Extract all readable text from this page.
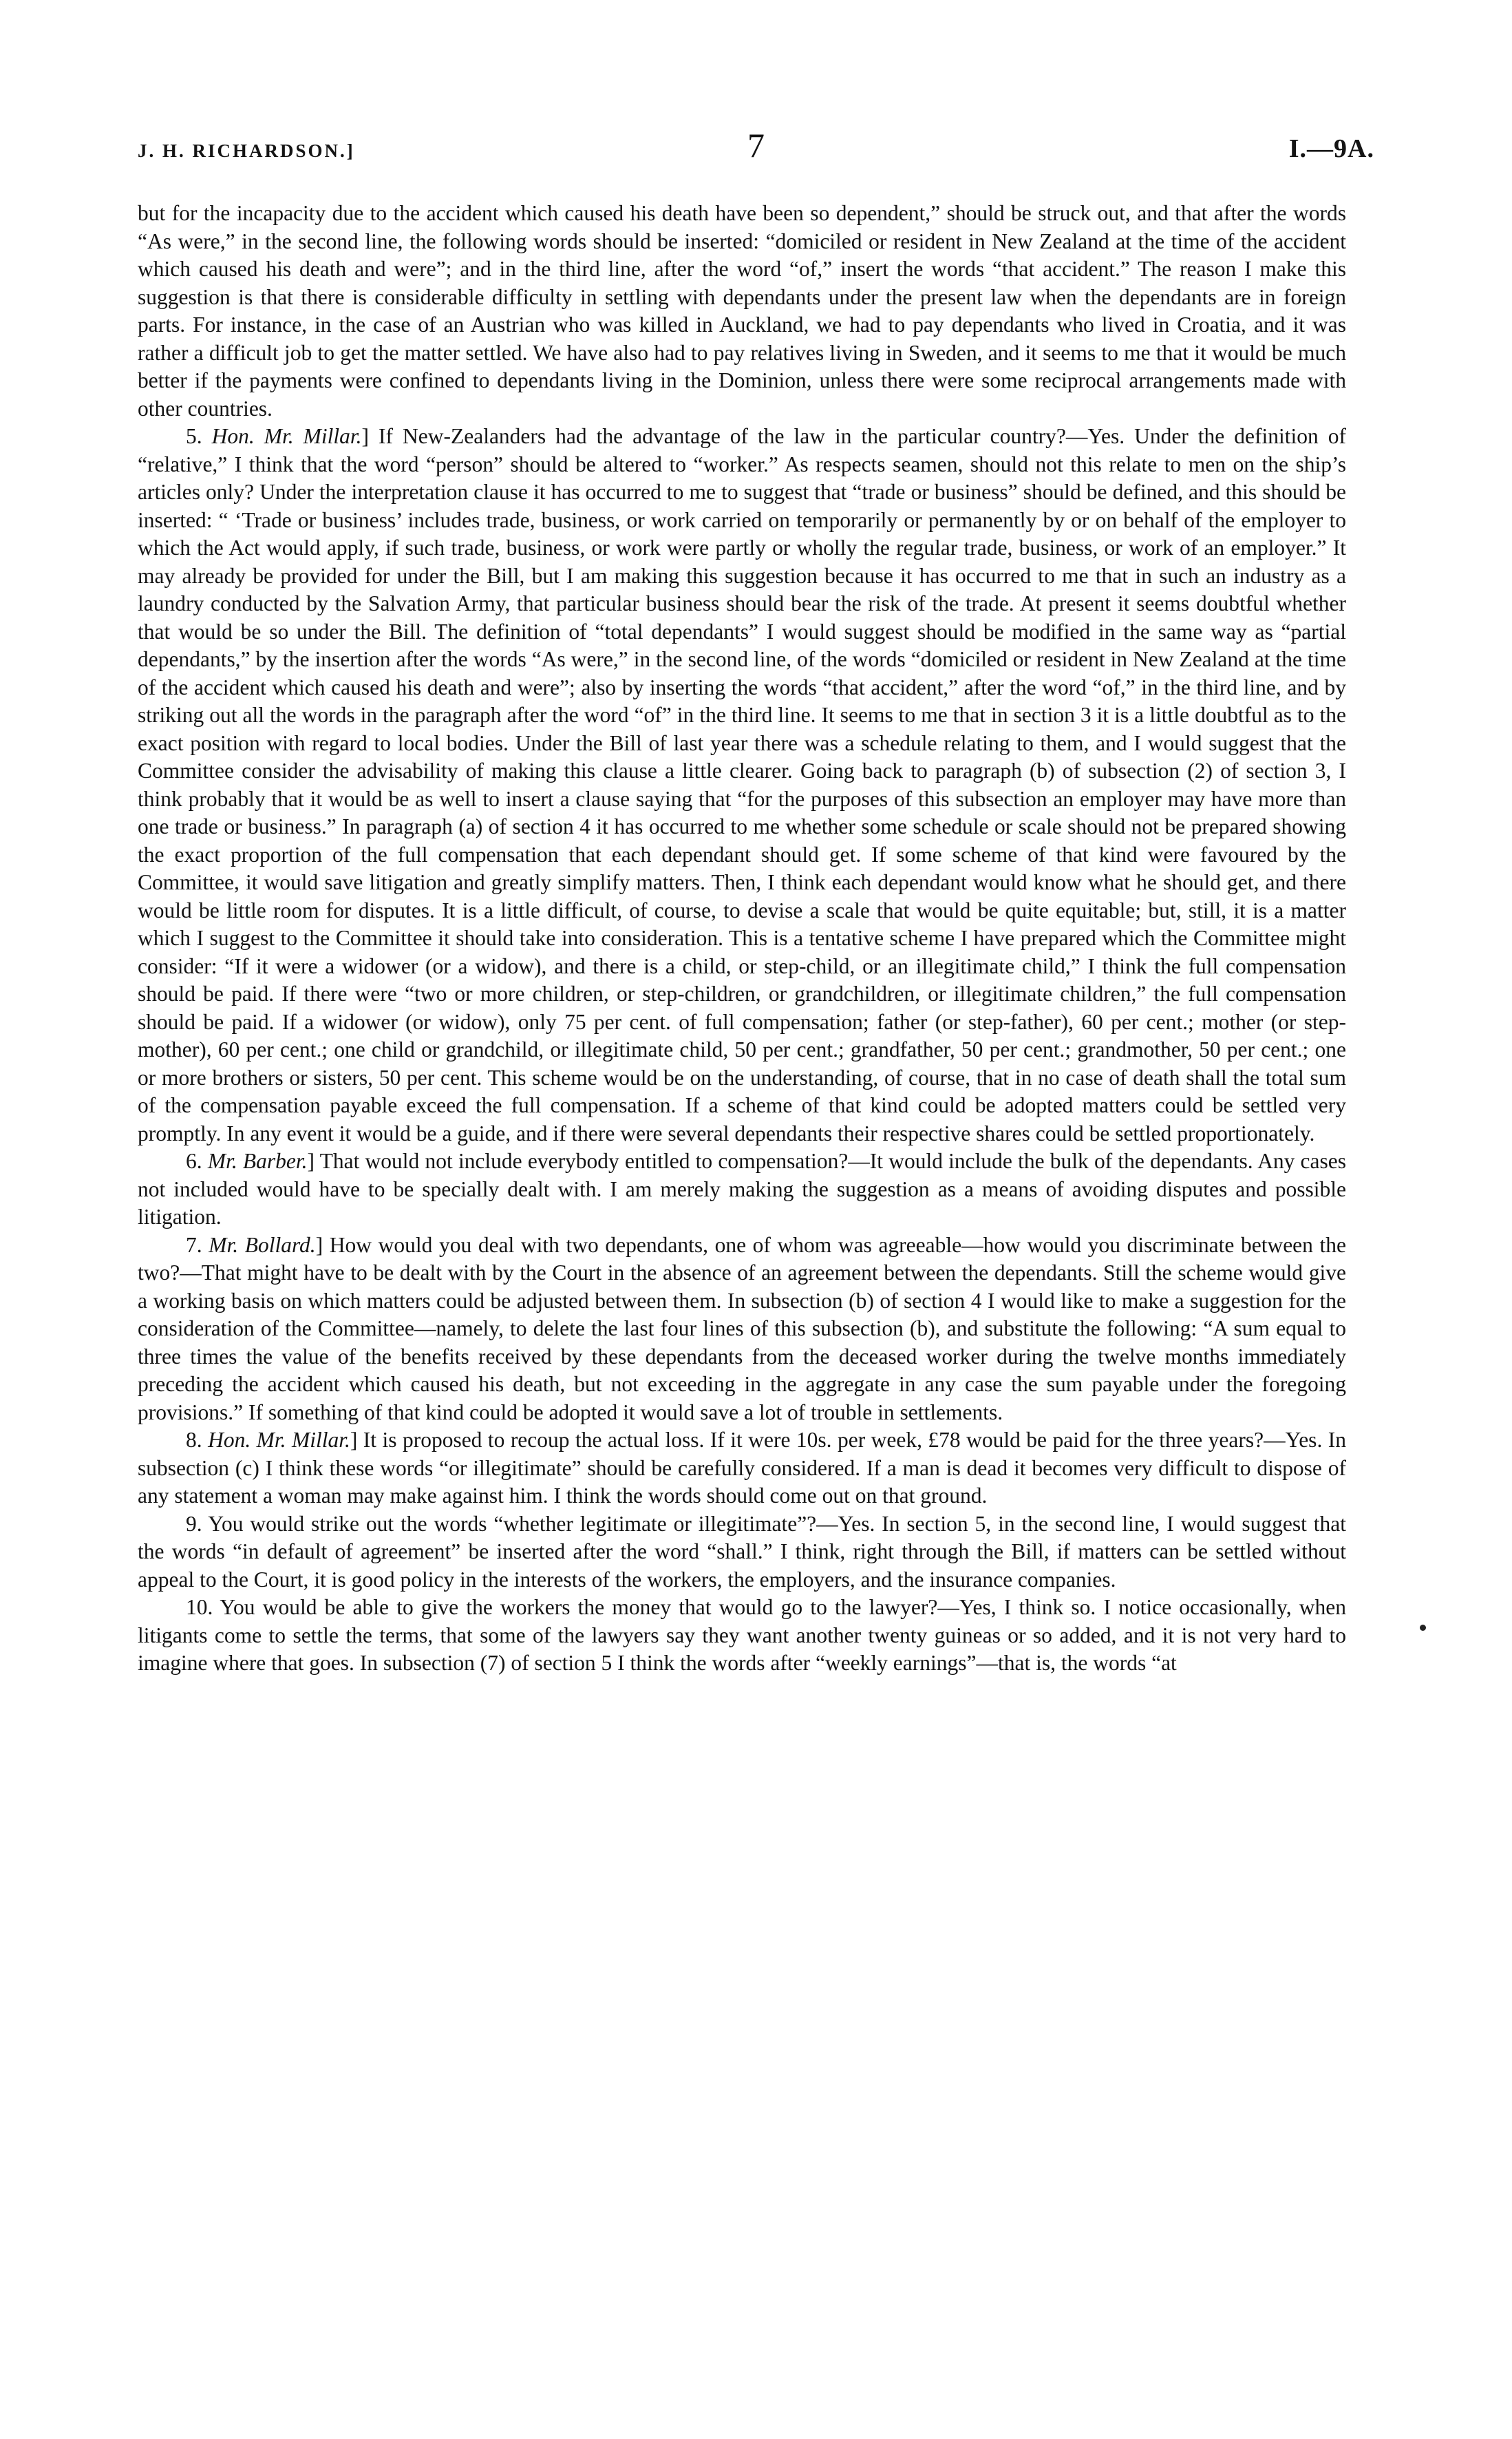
J. H. RICHARDSON.]	7	I.—9A.

but for the incapacity due to the accident which caused his death have been so dependent,” should be struck out, and that after the words “As were,” in the second line, the following words should be inserted: “domiciled or resident in New Zealand at the time of the accident which caused his death and were”; and in the third line, after the word “of,” insert the words “that accident.” The reason I make this suggestion is that there is considerable difficulty in settling with dependants under the present law when the dependants are in foreign parts. For instance, in the case of an Austrian who was killed in Auckland, we had to pay dependants who lived in Croatia, and it was rather a difficult job to get the matter settled. We have also had to pay relatives living in Sweden, and it seems to me that it would be much better if the payments were confined to dependants living in the Dominion, unless there were some reciprocal arrangements made with other countries.

5. Hon. Mr. Millar.] If New-Zealanders had the advantage of the law in the particular country?—Yes. Under the definition of “relative,” I think that the word “person” should be altered to “worker.” As respects seamen, should not this relate to men on the ship’s articles only? Under the interpretation clause it has occurred to me to suggest that “trade or business” should be defined, and this should be inserted: “ ‘Trade or business’ includes trade, business, or work carried on temporarily or permanently by or on behalf of the employer to which the Act would apply, if such trade, business, or work were partly or wholly the regular trade, business, or work of an employer.” It may already be provided for under the Bill, but I am making this suggestion because it has occurred to me that in such an industry as a laundry conducted by the Salvation Army, that particular business should bear the risk of the trade. At present it seems doubtful whether that would be so under the Bill. The definition of “total dependants” I would suggest should be modified in the same way as “partial dependants,” by the insertion after the words “As were,” in the second line, of the words “domiciled or resident in New Zealand at the time of the accident which caused his death and were”; also by inserting the words “that accident,” after the word “of,” in the third line, and by striking out all the words in the paragraph after the word “of” in the third line. It seems to me that in section 3 it is a little doubtful as to the exact position with regard to local bodies. Under the Bill of last year there was a schedule relating to them, and I would suggest that the Committee consider the advisability of making this clause a little clearer. Going back to paragraph (b) of subsection (2) of section 3, I think probably that it would be as well to insert a clause saying that “for the purposes of this subsection an employer may have more than one trade or business.” In paragraph (a) of section 4 it has occurred to me whether some schedule or scale should not be prepared showing the exact proportion of the full compensation that each dependant should get. If some scheme of that kind were favoured by the Committee, it would save litigation and greatly simplify matters. Then, I think each dependant would know what he should get, and there would be little room for disputes. It is a little difficult, of course, to devise a scale that would be quite equitable; but, still, it is a matter which I suggest to the Committee it should take into consideration. This is a tentative scheme I have prepared which the Committee might consider: “If it were a widower (or a widow), and there is a child, or step-child, or an illegitimate child,” I think the full compensation should be paid. If there were “two or more children, or step-children, or grandchildren, or illegitimate children,” the full compensation should be paid. If a widower (or widow), only 75 per cent. of full compensation; father (or step-father), 60 per cent.; mother (or step-mother), 60 per cent.; one child or grandchild, or illegitimate child, 50 per cent.; grandfather, 50 per cent.; grandmother, 50 per cent.; one or more brothers or sisters, 50 per cent. This scheme would be on the understanding, of course, that in no case of death shall the total sum of the compensation payable exceed the full compensation. If a scheme of that kind could be adopted matters could be settled very promptly. In any event it would be a guide, and if there were several dependants their respective shares could be settled proportionately.

6. Mr. Barber.] That would not include everybody entitled to compensation?—It would include the bulk of the dependants. Any cases not included would have to be specially dealt with. I am merely making the suggestion as a means of avoiding disputes and possible litigation.

7. Mr. Bollard.] How would you deal with two dependants, one of whom was agreeable—how would you discriminate between the two?—That might have to be dealt with by the Court in the absence of an agreement between the dependants. Still the scheme would give a working basis on which matters could be adjusted between them. In subsection (b) of section 4 I would like to make a suggestion for the consideration of the Committee—namely, to delete the last four lines of this subsection (b), and substitute the following: “A sum equal to three times the value of the benefits received by these dependants from the deceased worker during the twelve months immediately preceding the accident which caused his death, but not exceeding in the aggregate in any case the sum payable under the foregoing provisions.” If something of that kind could be adopted it would save a lot of trouble in settlements.

8. Hon. Mr. Millar.] It is proposed to recoup the actual loss. If it were 10s. per week, £78 would be paid for the three years?—Yes. In subsection (c) I think these words “or illegitimate” should be carefully considered. If a man is dead it becomes very difficult to dispose of any statement a woman may make against him. I think the words should come out on that ground.

9. You would strike out the words “whether legitimate or illegitimate”?—Yes. In section 5, in the second line, I would suggest that the words “in default of agreement” be inserted after the word “shall.” I think, right through the Bill, if matters can be settled without appeal to the Court, it is good policy in the interests of the workers, the employers, and the insurance companies.

10. You would be able to give the workers the money that would go to the lawyer?—Yes, I think so. I notice occasionally, when litigants come to settle the terms, that some of the lawyers say they want another twenty guineas or so added, and it is not very hard to imagine where that goes. In subsection (7) of section 5 I think the words after “weekly earnings”—that is, the words “at
